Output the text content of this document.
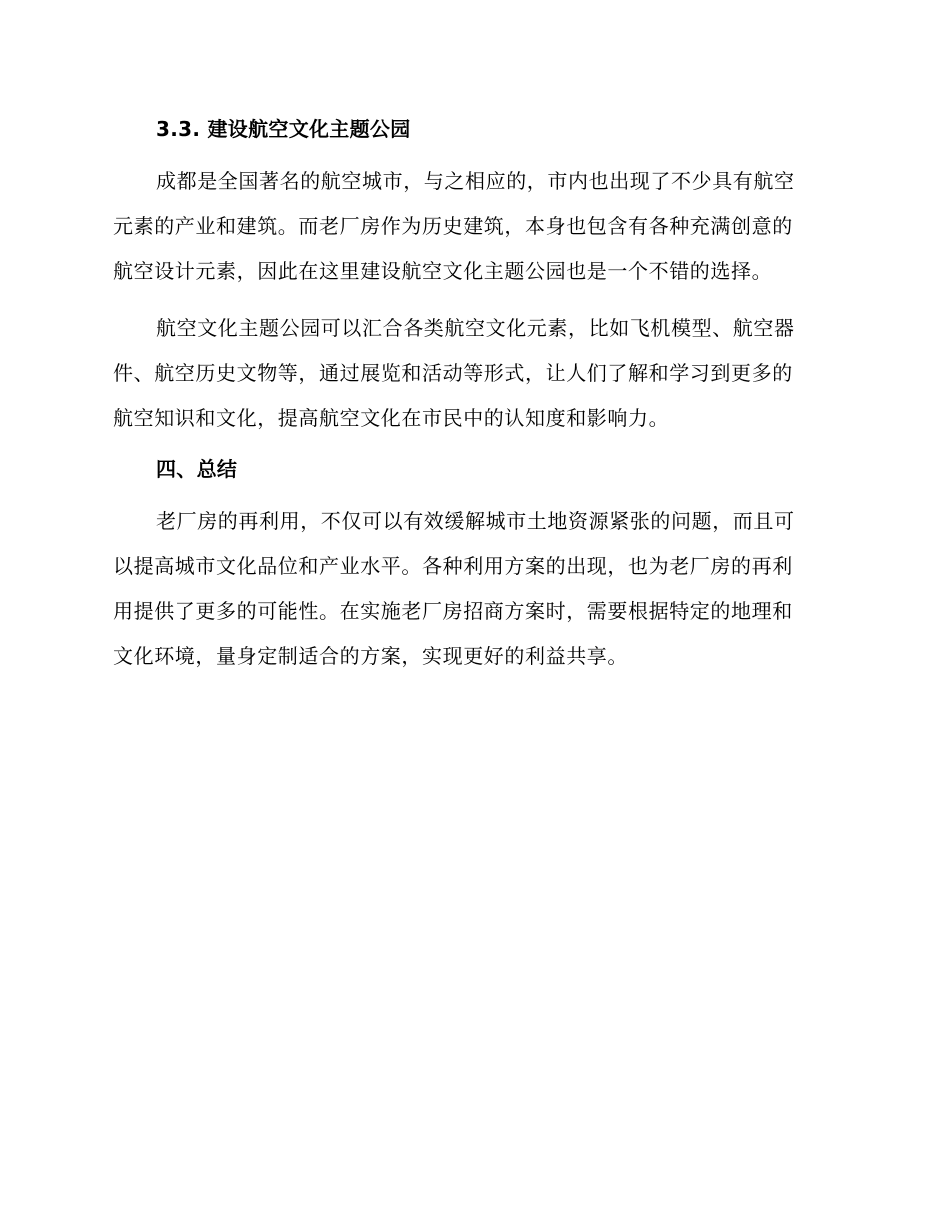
3.3. 建设航空文化主题公园

成都是全国著名的航空城市，与之相应的，市内也出现了不少具有航空
元素的产业和建筑。而老厂房作为历史建筑，本身也包含有各种充满创意的
航空设计元素，因此在这里建设航空文化主题公园也是一个不错的选择。

航空文化主题公园可以汇合各类航空文化元素，比如飞机模型、航空器
件、航空历史文物等，通过展览和活动等形式，让人们了解和学习到更多的
航空知识和文化，提高航空文化在市民中的认知度和影响力。

四、总结

老厂房的再利用，不仅可以有效缓解城市土地资源紧张的问题，而且可
以提高城市文化品位和产业水平。各种利用方案的出现，也为老厂房的再利
用提供了更多的可能性。在实施老厂房招商方案时，需要根据特定的地理和
文化环境，量身定制适合的方案，实现更好的利益共享。
